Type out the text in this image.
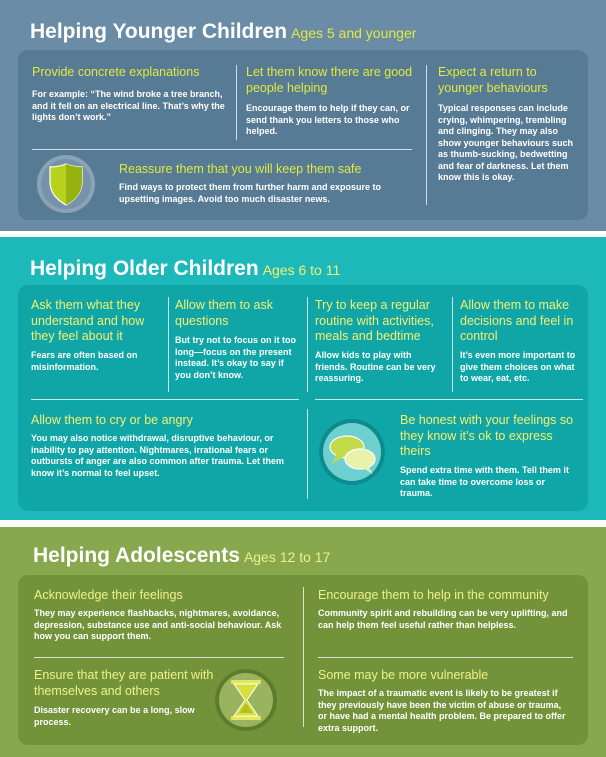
Helping Younger Children Ages 5 and younger
Provide concrete explanations
For example: “The wind broke a tree branch, and it fell on an electrical line. That’s why the lights don’t work.”
Let them know there are good people helping
Encourage them to help if they can, or send thank you letters to those who helped.
Expect a return to younger behaviours
Typical responses can include crying, whimpering, trembling and clinging. They may also show younger behaviours such as thumb-sucking, bedwetting and fear of darkness. Let them know this is okay.
Reassure them that you will keep them safe
Find ways to protect them from further harm and exposure to upsetting images. Avoid too much disaster news.
Helping Older Children Ages 6 to 11
Ask them what they understand and how they feel about it
Fears are often based on misinformation.
Allow them to ask questions
But try not to focus on it too long—focus on the present instead. It’s okay to say if you don’t know.
Try to keep a regular routine with activities, meals and bedtime
Allow kids to play with friends. Routine can be very reassuring.
Allow them to make decisions and feel in control
It’s even more important to give them choices on what to wear, eat, etc.
Allow them to cry or be angry
You may also notice withdrawal, disruptive behaviour, or inability to pay attention. Nightmares, irrational fears or outbursts of anger are also common after trauma. Let them know it’s normal to feel upset.
Be honest with your feelings so they know it’s ok to express theirs
Spend extra time with them. Tell them it can take time to overcome loss or trauma.
Helping Adolescents Ages 12 to 17
Acknowledge their feelings
They may experience flashbacks, nightmares, avoidance, depression, substance use and anti-social behaviour. Ask how you can support them.
Encourage them to help in the community
Community spirit and rebuilding can be very uplifting, and can help them feel useful rather than helpless.
Ensure that they are patient with themselves and others
Disaster recovery can be a long, slow process.
Some may be more vulnerable
The impact of a traumatic event is likely to be greatest if they previously have been the victim of abuse or trauma, or have had a mental health problem. Be prepared to offer extra support.
